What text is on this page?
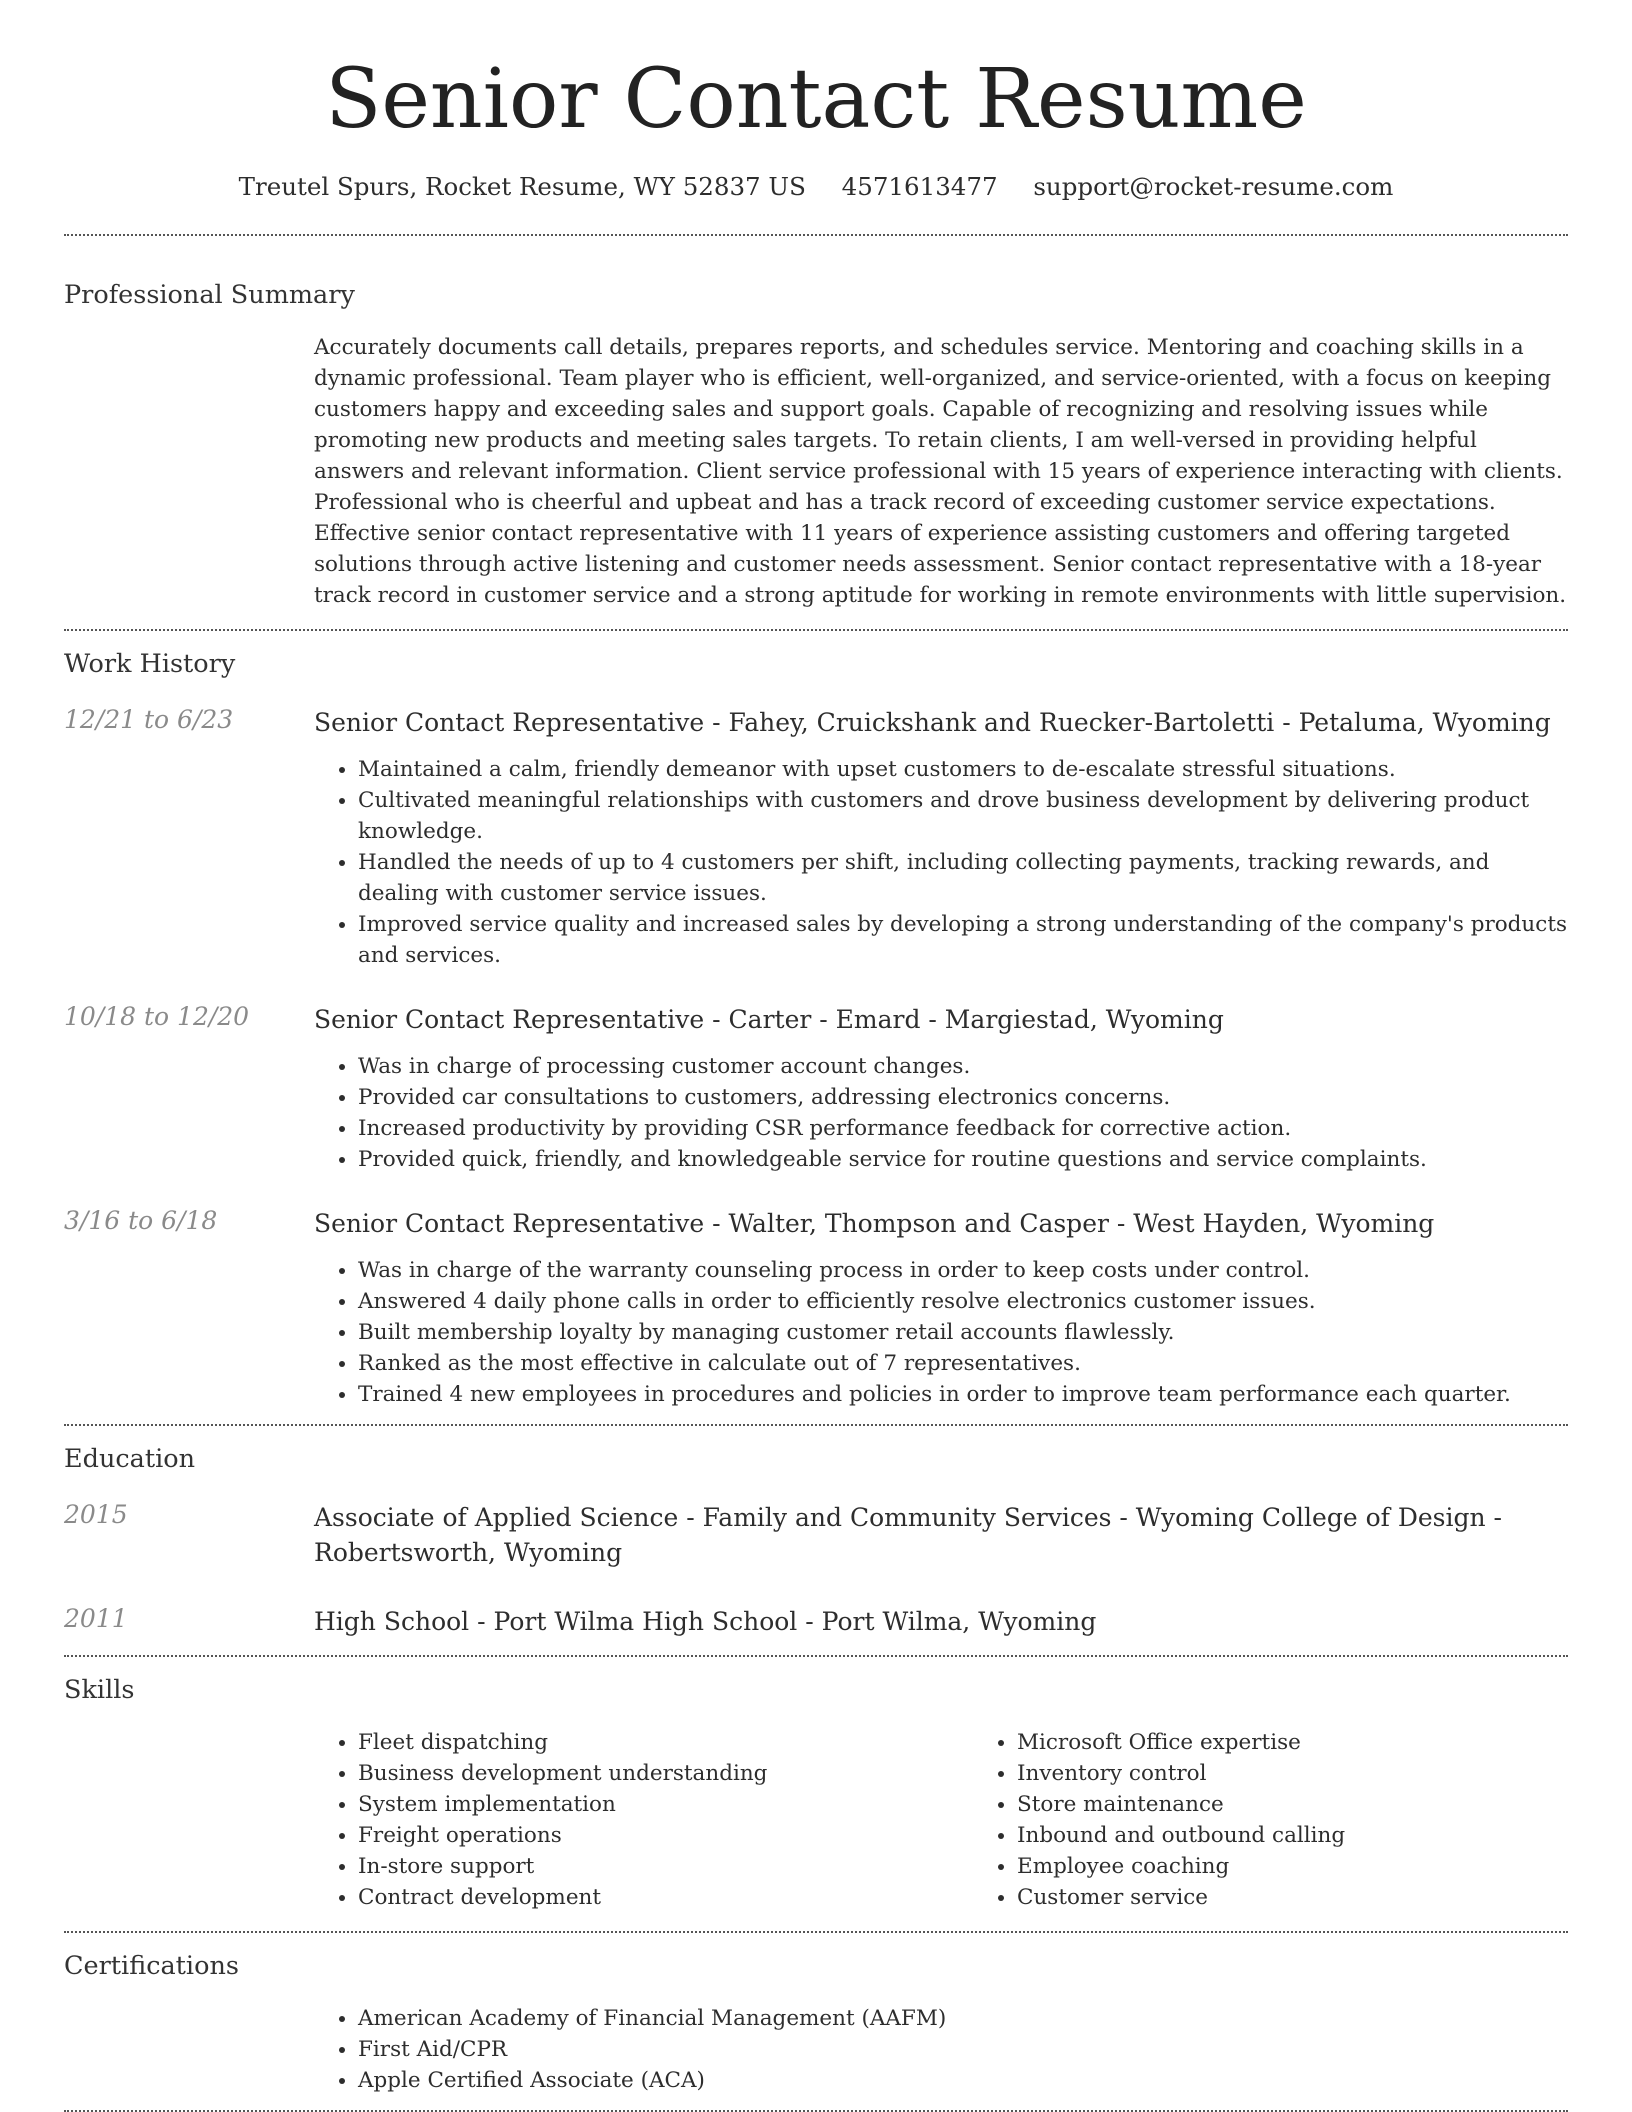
Senior Contact Resume
Treutel Spurs, Rocket Resume, WY 52837 US 4571613477 support@rocket-resume.com
Professional Summary
Accurately documents call details, prepares reports, and schedules service. Mentoring and coaching skills in a dynamic professional. Team player who is efficient, well-organized, and service-oriented, with a focus on keeping customers happy and exceeding sales and support goals. Capable of recognizing and resolving issues while promoting new products and meeting sales targets. To retain clients, I am well-versed in providing helpful answers and relevant information. Client service professional with 15 years of experience interacting with clients. Professional who is cheerful and upbeat and has a track record of exceeding customer service expectations. Effective senior contact representative with 11 years of experience assisting customers and offering targeted solutions through active listening and customer needs assessment. Senior contact representative with a 18-year track record in customer service and a strong aptitude for working in remote environments with little supervision.
Work History
12/21 to 6/23	Senior Contact Representative - Fahey, Cruickshank and Ruecker-Bartoletti - Petaluma, Wyoming
• Maintained a calm, friendly demeanor with upset customers to de-escalate stressful situations.
• Cultivated meaningful relationships with customers and drove business development by delivering product knowledge.
• Handled the needs of up to 4 customers per shift, including collecting payments, tracking rewards, and dealing with customer service issues.
• Improved service quality and increased sales by developing a strong understanding of the company's products and services.
10/18 to 12/20	Senior Contact Representative - Carter - Emard - Margiestad, Wyoming
• Was in charge of processing customer account changes.
• Provided car consultations to customers, addressing electronics concerns.
• Increased productivity by providing CSR performance feedback for corrective action.
• Provided quick, friendly, and knowledgeable service for routine questions and service complaints.
3/16 to 6/18	Senior Contact Representative - Walter, Thompson and Casper - West Hayden, Wyoming
• Was in charge of the warranty counseling process in order to keep costs under control.
• Answered 4 daily phone calls in order to efficiently resolve electronics customer issues.
• Built membership loyalty by managing customer retail accounts flawlessly.
• Ranked as the most effective in calculate out of 7 representatives.
• Trained 4 new employees in procedures and policies in order to improve team performance each quarter.
Education
2015	Associate of Applied Science - Family and Community Services - Wyoming College of Design - Robertsworth, Wyoming
2011	High School - Port Wilma High School - Port Wilma, Wyoming
Skills
• Fleet dispatching
• Business development understanding
• System implementation
• Freight operations
• In-store support
• Contract development
• Microsoft Office expertise
• Inventory control
• Store maintenance
• Inbound and outbound calling
• Employee coaching
• Customer service
Certifications
• American Academy of Financial Management (AAFM)
• First Aid/CPR
• Apple Certified Associate (ACA)
